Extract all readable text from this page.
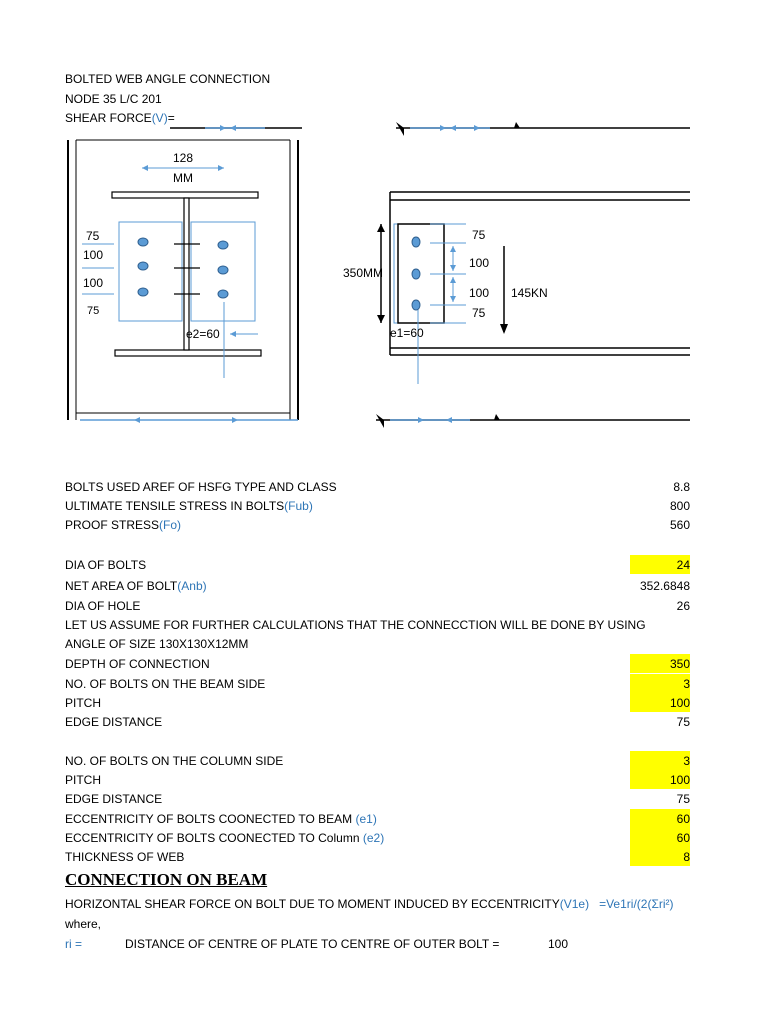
BOLTED WEB ANGLE CONNECTION
NODE 35 L/C 201
SHEAR FORCE(V)=
128
MM
75
100
100
75
e2=60
350MM
75
100
100
75
145KN
e1=60
BOLTS USED AREF OF HSFG TYPE AND CLASS	8.8
ULTIMATE TENSILE STRESS IN BOLTS(Fub)	800
PROOF STRESS(Fo)	560
DIA OF BOLTS	24
NET AREA OF BOLT(Anb)	352.6848
DIA OF HOLE	26
LET US ASSUME FOR FURTHER CALCULATIONS THAT THE CONNECCTION WILL BE DONE BY USING
ANGLE OF SIZE 130X130X12MM
DEPTH OF CONNECTION	350
NO. OF BOLTS ON THE BEAM SIDE	3
PITCH	100
EDGE DISTANCE	75
NO. OF BOLTS ON THE COLUMN SIDE	3
PITCH	100
EDGE DISTANCE	75
ECCENTRICITY OF BOLTS COONECTED TO BEAM (e1)	60
ECCENTRICITY OF BOLTS COONECTED TO Column (e2)	60
THICKNESS OF WEB	8
CONNECTION ON BEAM
HORIZONTAL SHEAR FORCE ON BOLT DUE TO MOMENT INDUCED BY ECCENTRICITY(V1e) =Ve1ri/(2(Σri²)
where,
ri =	DISTANCE OF CENTRE OF PLATE TO CENTRE OF OUTER BOLT =	100
